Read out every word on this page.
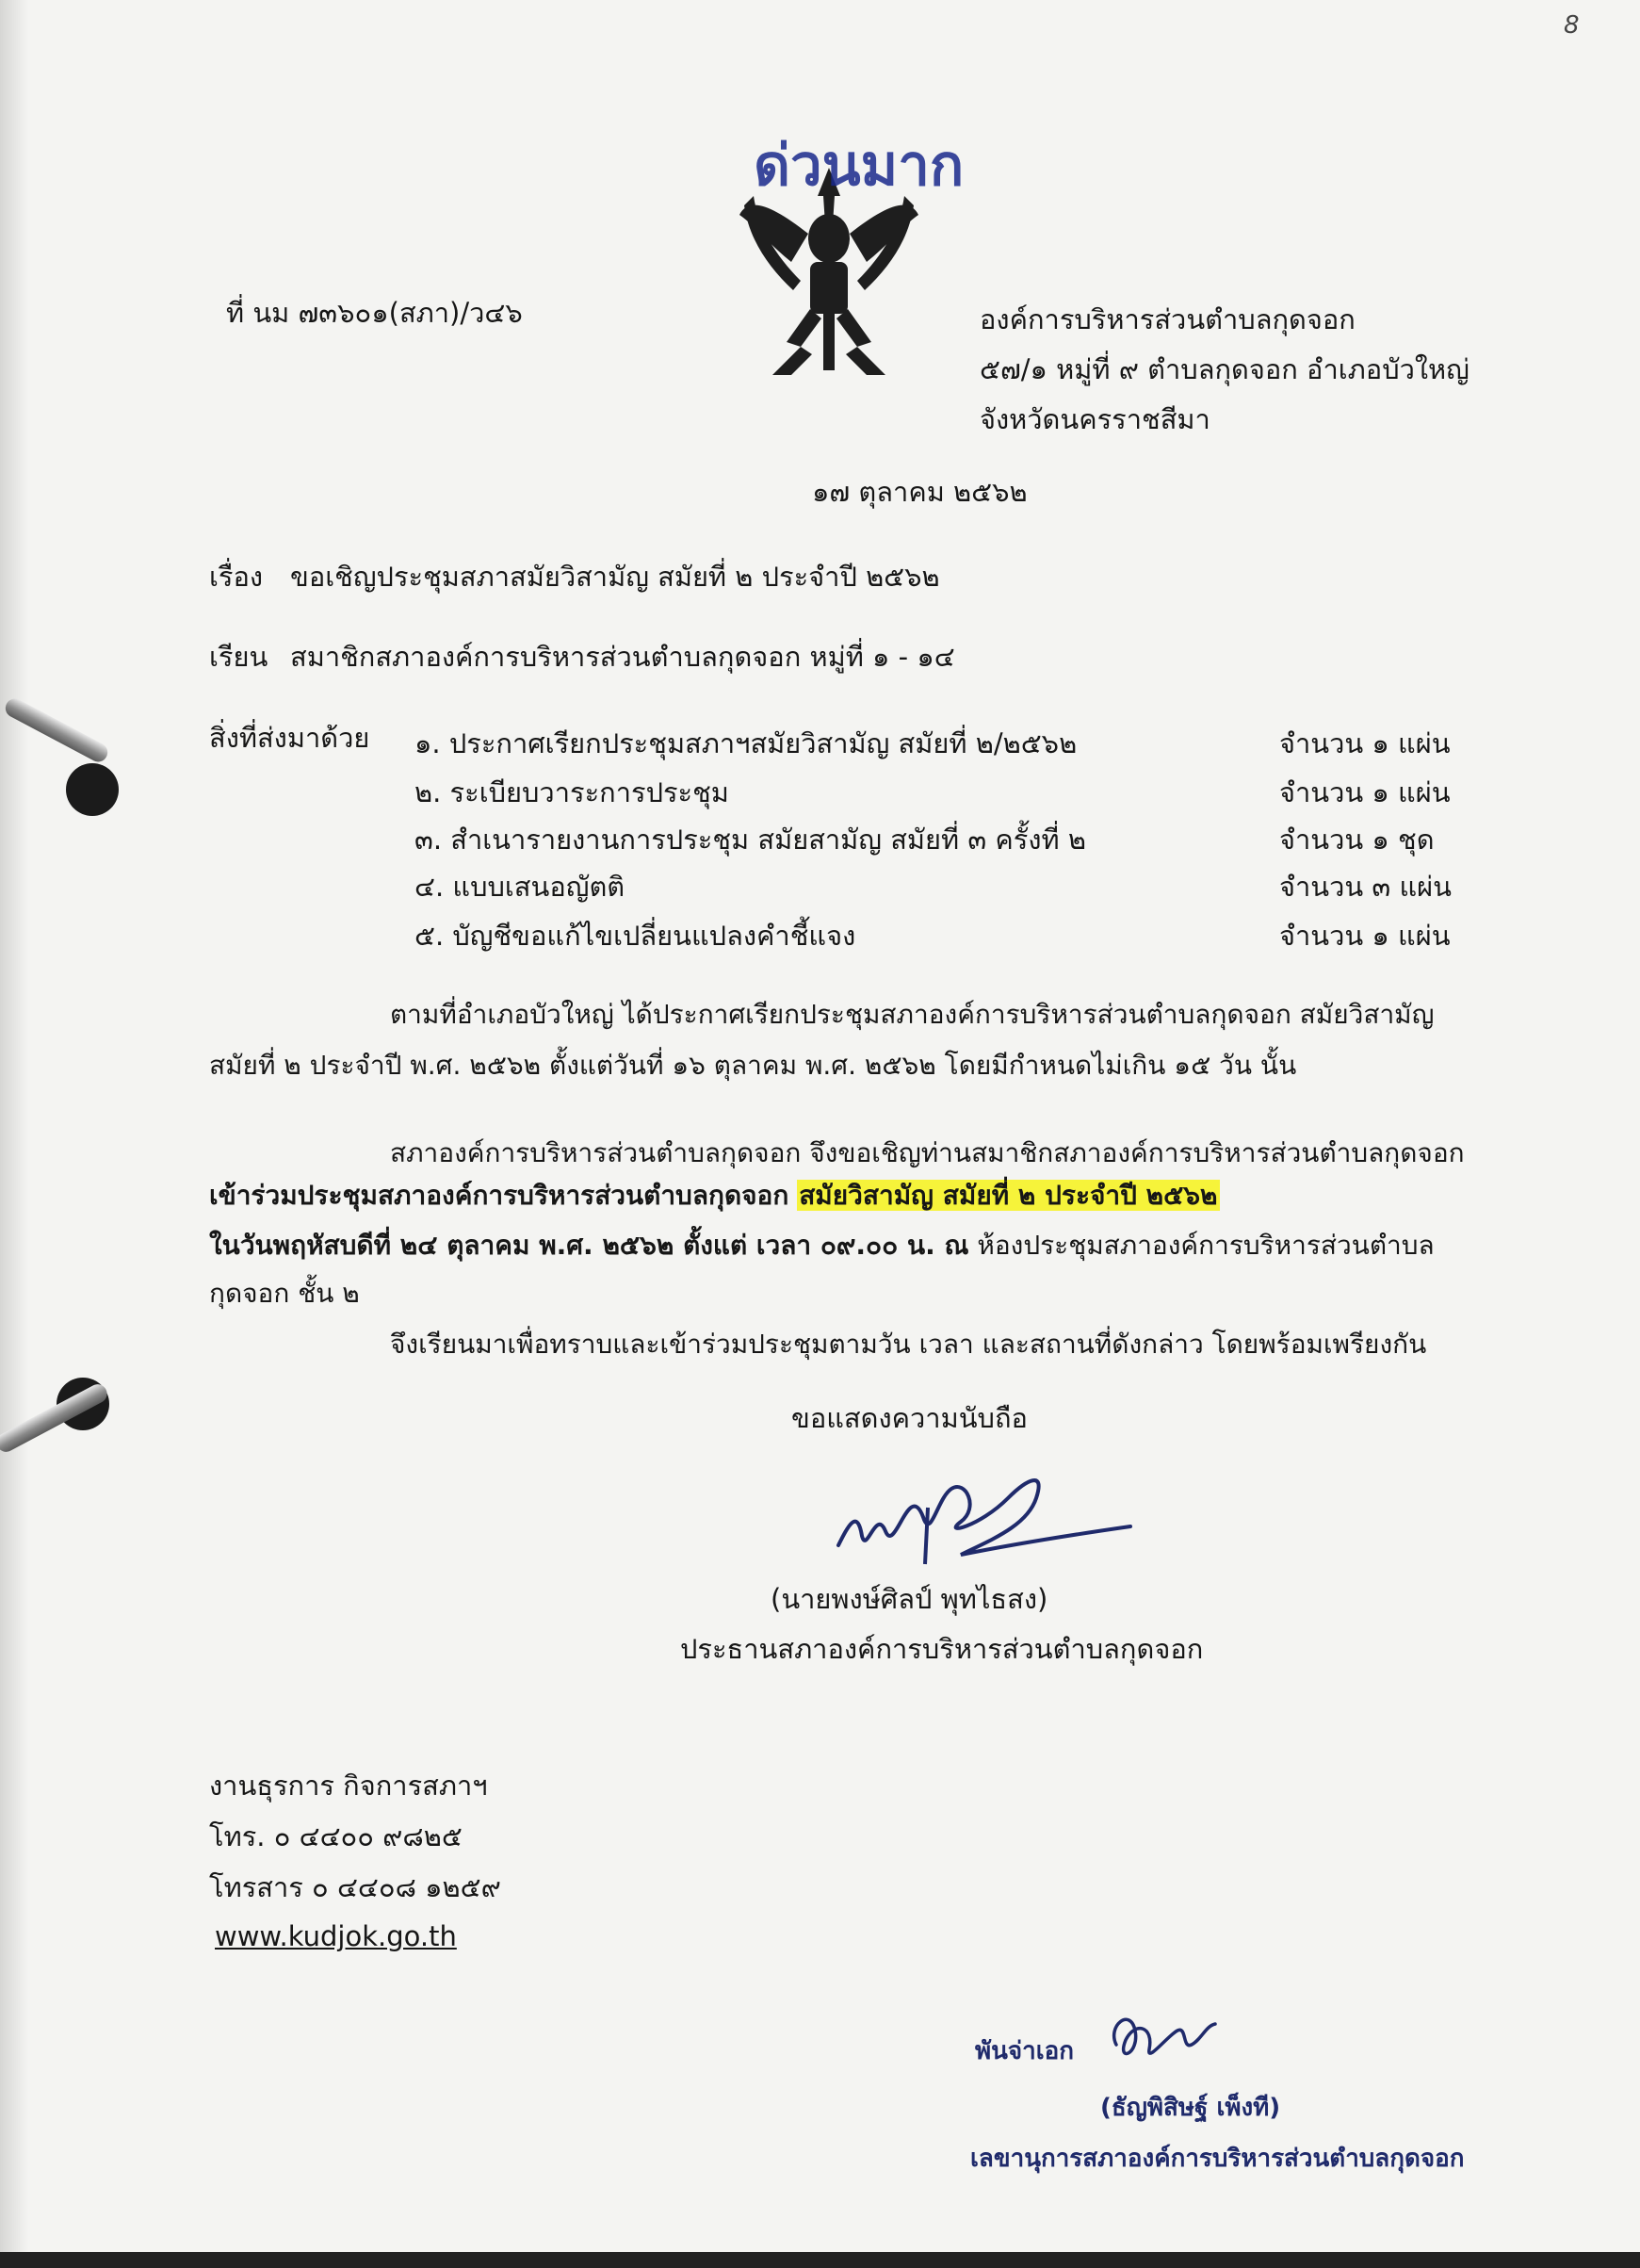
8
ด่วนมาก
ที่ นม ๗๓๖๐๑(สภา)/ว๔๖	องค์การบริหารส่วนตำบลกุดจอก
๕๗/๑ หมู่ที่ ๙ ตำบลกุดจอก อำเภอบัวใหญ่
จังหวัดนครราชสีมา
๑๗ ตุลาคม ๒๕๖๒
เรื่อง ขอเชิญประชุมสภาสมัยวิสามัญ สมัยที่ ๒ ประจำปี ๒๕๖๒
เรียน สมาชิกสภาองค์การบริหารส่วนตำบลกุดจอก หมู่ที่ ๑ - ๑๔
สิ่งที่ส่งมาด้วย ๑. ประกาศเรียกประชุมสภาฯสมัยวิสามัญ สมัยที่ ๒/๒๕๖๒	จำนวน ๑ แผ่น
๒. ระเบียบวาระการประชุม	จำนวน ๑ แผ่น
๓. สำเนารายงานการประชุม สมัยสามัญ สมัยที่ ๓ ครั้งที่ ๒	จำนวน ๑ ชุด
๔. แบบเสนอญัตติ	จำนวน ๓ แผ่น
๕. บัญชีขอแก้ไขเปลี่ยนแปลงคำชี้แจง	จำนวน ๑ แผ่น
ตามที่อำเภอบัวใหญ่ ได้ประกาศเรียกประชุมสภาองค์การบริหารส่วนตำบลกุดจอก สมัยวิสามัญ
สมัยที่ ๒ ประจำปี พ.ศ. ๒๕๖๒ ตั้งแต่วันที่ ๑๖ ตุลาคม พ.ศ. ๒๕๖๒ โดยมีกำหนดไม่เกิน ๑๕ วัน นั้น
สภาองค์การบริหารส่วนตำบลกุดจอก จึงขอเชิญท่านสมาชิกสภาองค์การบริหารส่วนตำบลกุดจอก
เข้าร่วมประชุมสภาองค์การบริหารส่วนตำบลกุดจอก สมัยวิสามัญ สมัยที่ ๒ ประจำปี ๒๕๖๒
ในวันพฤหัสบดีที่ ๒๔ ตุลาคม พ.ศ. ๒๕๖๒ ตั้งแต่ เวลา ๐๙.๐๐ น. ณ ห้องประชุมสภาองค์การบริหารส่วนตำบล
กุดจอก ชั้น ๒
จึงเรียนมาเพื่อทราบและเข้าร่วมประชุมตามวัน เวลา และสถานที่ดังกล่าว โดยพร้อมเพรียงกัน
ขอแสดงความนับถือ
(นายพงษ์ศิลป์ พุทไธสง)
ประธานสภาองค์การบริหารส่วนตำบลกุดจอก
งานธุรการ กิจการสภาฯ
โทร. ๐ ๔๔๐๐ ๙๘๒๕
โทรสาร ๐ ๔๔๐๘ ๑๒๕๙
www.kudjok.go.th
พันจ่าเอก
(ธัญพิสิษฐ์ เพ็งที)
เลขานุการสภาองค์การบริหารส่วนตำบลกุดจอก
